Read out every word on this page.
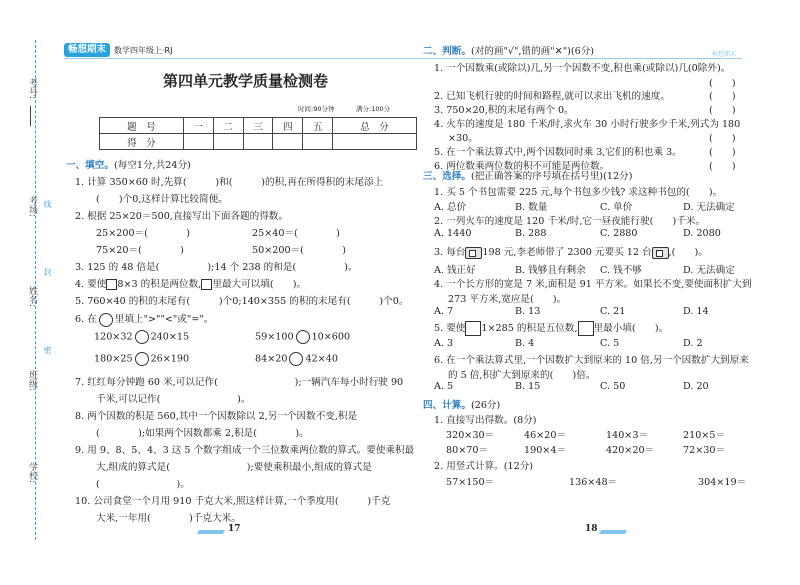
考号:
考场:
姓名:
班级:
学校:
线
封
密
畅想期末 数学四年级上·RJ
第四单元教学质量检测卷
时间:90分钟	满分:100分
题　号	一	二	三	四	五	总　分
得　分						
一、填空。(每空1分,共24分)
1. 计算 350×60 时,先算(　　　)和(　　　)的积,再在所得积的末尾添上
(　　)个0,这样计算比较简便。
2. 根据 25×20＝500,直接写出下面各题的得数。
25×200＝(　　　　)	25×40＝(　　　　)
75×20＝(　　　　)	50×200＝(　　　　)
3. 125 的 48 倍是(　　　　　);14 个 238 的和是(　　　　　)。
4. 要使 8×3 的积是两位数, 里最大可以填(　　)。
5. 760×40 的积的末尾有(　　　)个0;140×355 的积的末尾有(　　　)个0。
6. 在 里填上">""<"或"="。
120×32 240×15	59×100 10×600
180×25 26×190	84×20 42×40
7. 红红每分钟跑 60 米,可以记作(　　　　　　　　);一辆汽车每小时行驶 90
千米,可以记作(　　　　　　　　)。
8. 两个因数的积是 560,其中一个因数除以 2,另一个因数不变,积是
(　　　　);如果两个因数都乘 2,积是(　　　　)。
9. 用 9、8、5、4、3 这 5 个数字组成一个三位数乘两位数的算式。要使乘积最
大,组成的算式是(　　　　　　　　);要使乘积最小,组成的算式是
(　　　　　　　　)。
10. 公司食堂一个月用 910 千克大米,照这样计算,一个季度用(　　　)千克
大米,一年用(　　　　)千克大米。
17
畅想期末
二、判断。(对的画"√",错的画"✕")(6分)
1. 一个因数乘(或除以)几,另一个因数不变,积也乘(或除以)几(0除外)。
(　　)
2. 已知飞机行驶的时间和路程,就可以求出飞机的速度。	(　　)
3. 750×20,积的末尾有两个 0。	(　　)
4. 火车的速度是 180 千米/时,求火车 30 小时行驶多少千米,列式为 180
×30。	(　　)
5. 在一个乘法算式中,两个因数同时乘 3,它们的积也乘 3。	(　　)
6. 两位数乘两位数的积不可能是两位数。	(　　)
三、选择。(把正确答案的序号填在括号里)(12分)
1. 买 5 个书包需要 225 元,每个书包多少钱? 求这种书包的(　　)。
A. 总价	B. 数量	C. 单价	D. 无法确定
2. 一列火车的速度是 120 千米/时,它一昼夜能行驶(　　)千米。
A. 1440	B. 288	C. 2880	D. 2080
3. 每台 198 元,李老师带了 2300 元要买 12 台 ,(　　)。
A. 钱正好	B. 钱够且有剩余 C. 钱不够	D. 无法确定
4. 一个长方形的宽是 7 米,面积是 91 平方米。如果长不变,要使面积扩大到
273 平方米,宽应是(　　)。
A. 7	B. 13	C. 21	D. 14
5. 要使 1×285 的积是五位数, 里最小填(　　)。
A. 3	B. 4	C. 5	D. 2
6. 在一个乘法算式里,一个因数扩大到原来的 10 倍,另一个因数扩大到原来
的 5 倍,积扩大到原来的(　　)倍。
A. 5	B. 15	C. 50	D. 20
四、计算。(26分)
1. 直接写出得数。(8分)
320×30＝	46×20＝	140×3＝	210×5＝
80×70＝	190×4＝	420×20＝	72×30＝
2. 用竖式计算。(12分)
57×150＝	136×48＝	304×19＝
18
